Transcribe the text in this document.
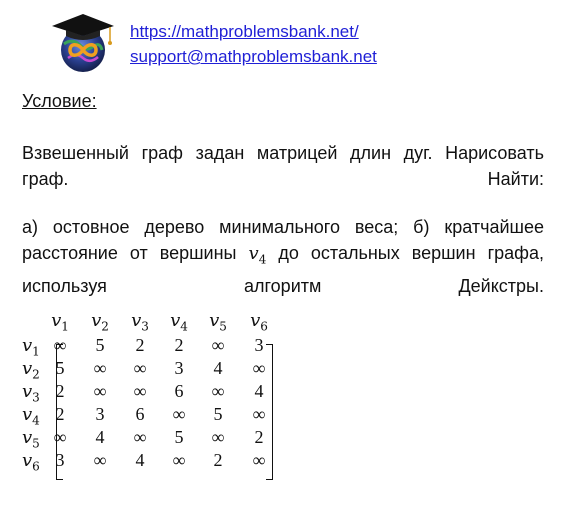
https://mathproblemsbank.net/
support@mathproblemsbank.net
Условие:
Взвешенный граф задан матрицей длин дуг. Нарисовать граф. Найти:
а) остовное дерево минимального веса; б) кратчайшее расстояние от вершины $v_4$ до остальных вершин графа, используя алгоритм Дейкстры.
$v_1$	$v_2$	$v_3$	$v_4$	$v_5$	$v_6$
$v_1$ ∞	5	2	2	∞	3
$v_2$ 5	∞	∞	3	4	∞
$v_3$ 2	∞	∞	6	∞	4
$v_4$ 2	3	6	∞	5	∞
$v_5$ ∞	4	∞	5	∞	2
$v_6$ 3	∞	4	∞	2	∞
